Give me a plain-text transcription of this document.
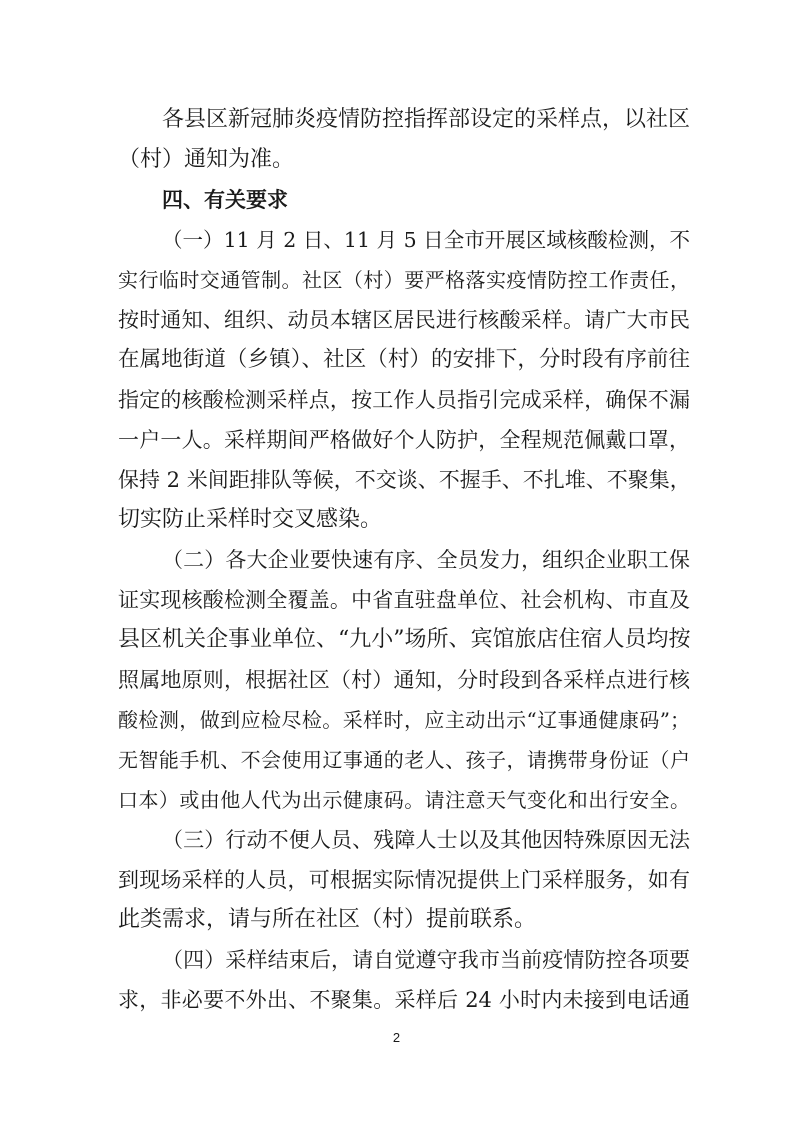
各县区新冠肺炎疫情防控指挥部设定的采样点，以社区
（村）通知为准。
四、有关要求
（一）11 月 2 日、11 月 5 日全市开展区域核酸检测，不
实行临时交通管制。社区（村）要严格落实疫情防控工作责任，
按时通知、组织、动员本辖区居民进行核酸采样。请广大市民
在属地街道（乡镇）、社区（村）的安排下，分时段有序前往
指定的核酸检测采样点，按工作人员指引完成采样，确保不漏
一户一人。采样期间严格做好个人防护，全程规范佩戴口罩，
保持 2 米间距排队等候，不交谈、不握手、不扎堆、不聚集，
切实防止采样时交叉感染。
（二）各大企业要快速有序、全员发力，组织企业职工保
证实现核酸检测全覆盖。中省直驻盘单位、社会机构、市直及
县区机关企事业单位、“九小”场所、宾馆旅店住宿人员均按
照属地原则，根据社区（村）通知，分时段到各采样点进行核
酸检测，做到应检尽检。采样时，应主动出示“辽事通健康码”；
无智能手机、不会使用辽事通的老人、孩子，请携带身份证（户
口本）或由他人代为出示健康码。请注意天气变化和出行安全。
（三）行动不便人员、残障人士以及其他因特殊原因无法
到现场采样的人员，可根据实际情况提供上门采样服务，如有
此类需求，请与所在社区（村）提前联系。
（四）采样结束后，请自觉遵守我市当前疫情防控各项要
求，非必要不外出、不聚集。采样后 24 小时内未接到电话通
2
